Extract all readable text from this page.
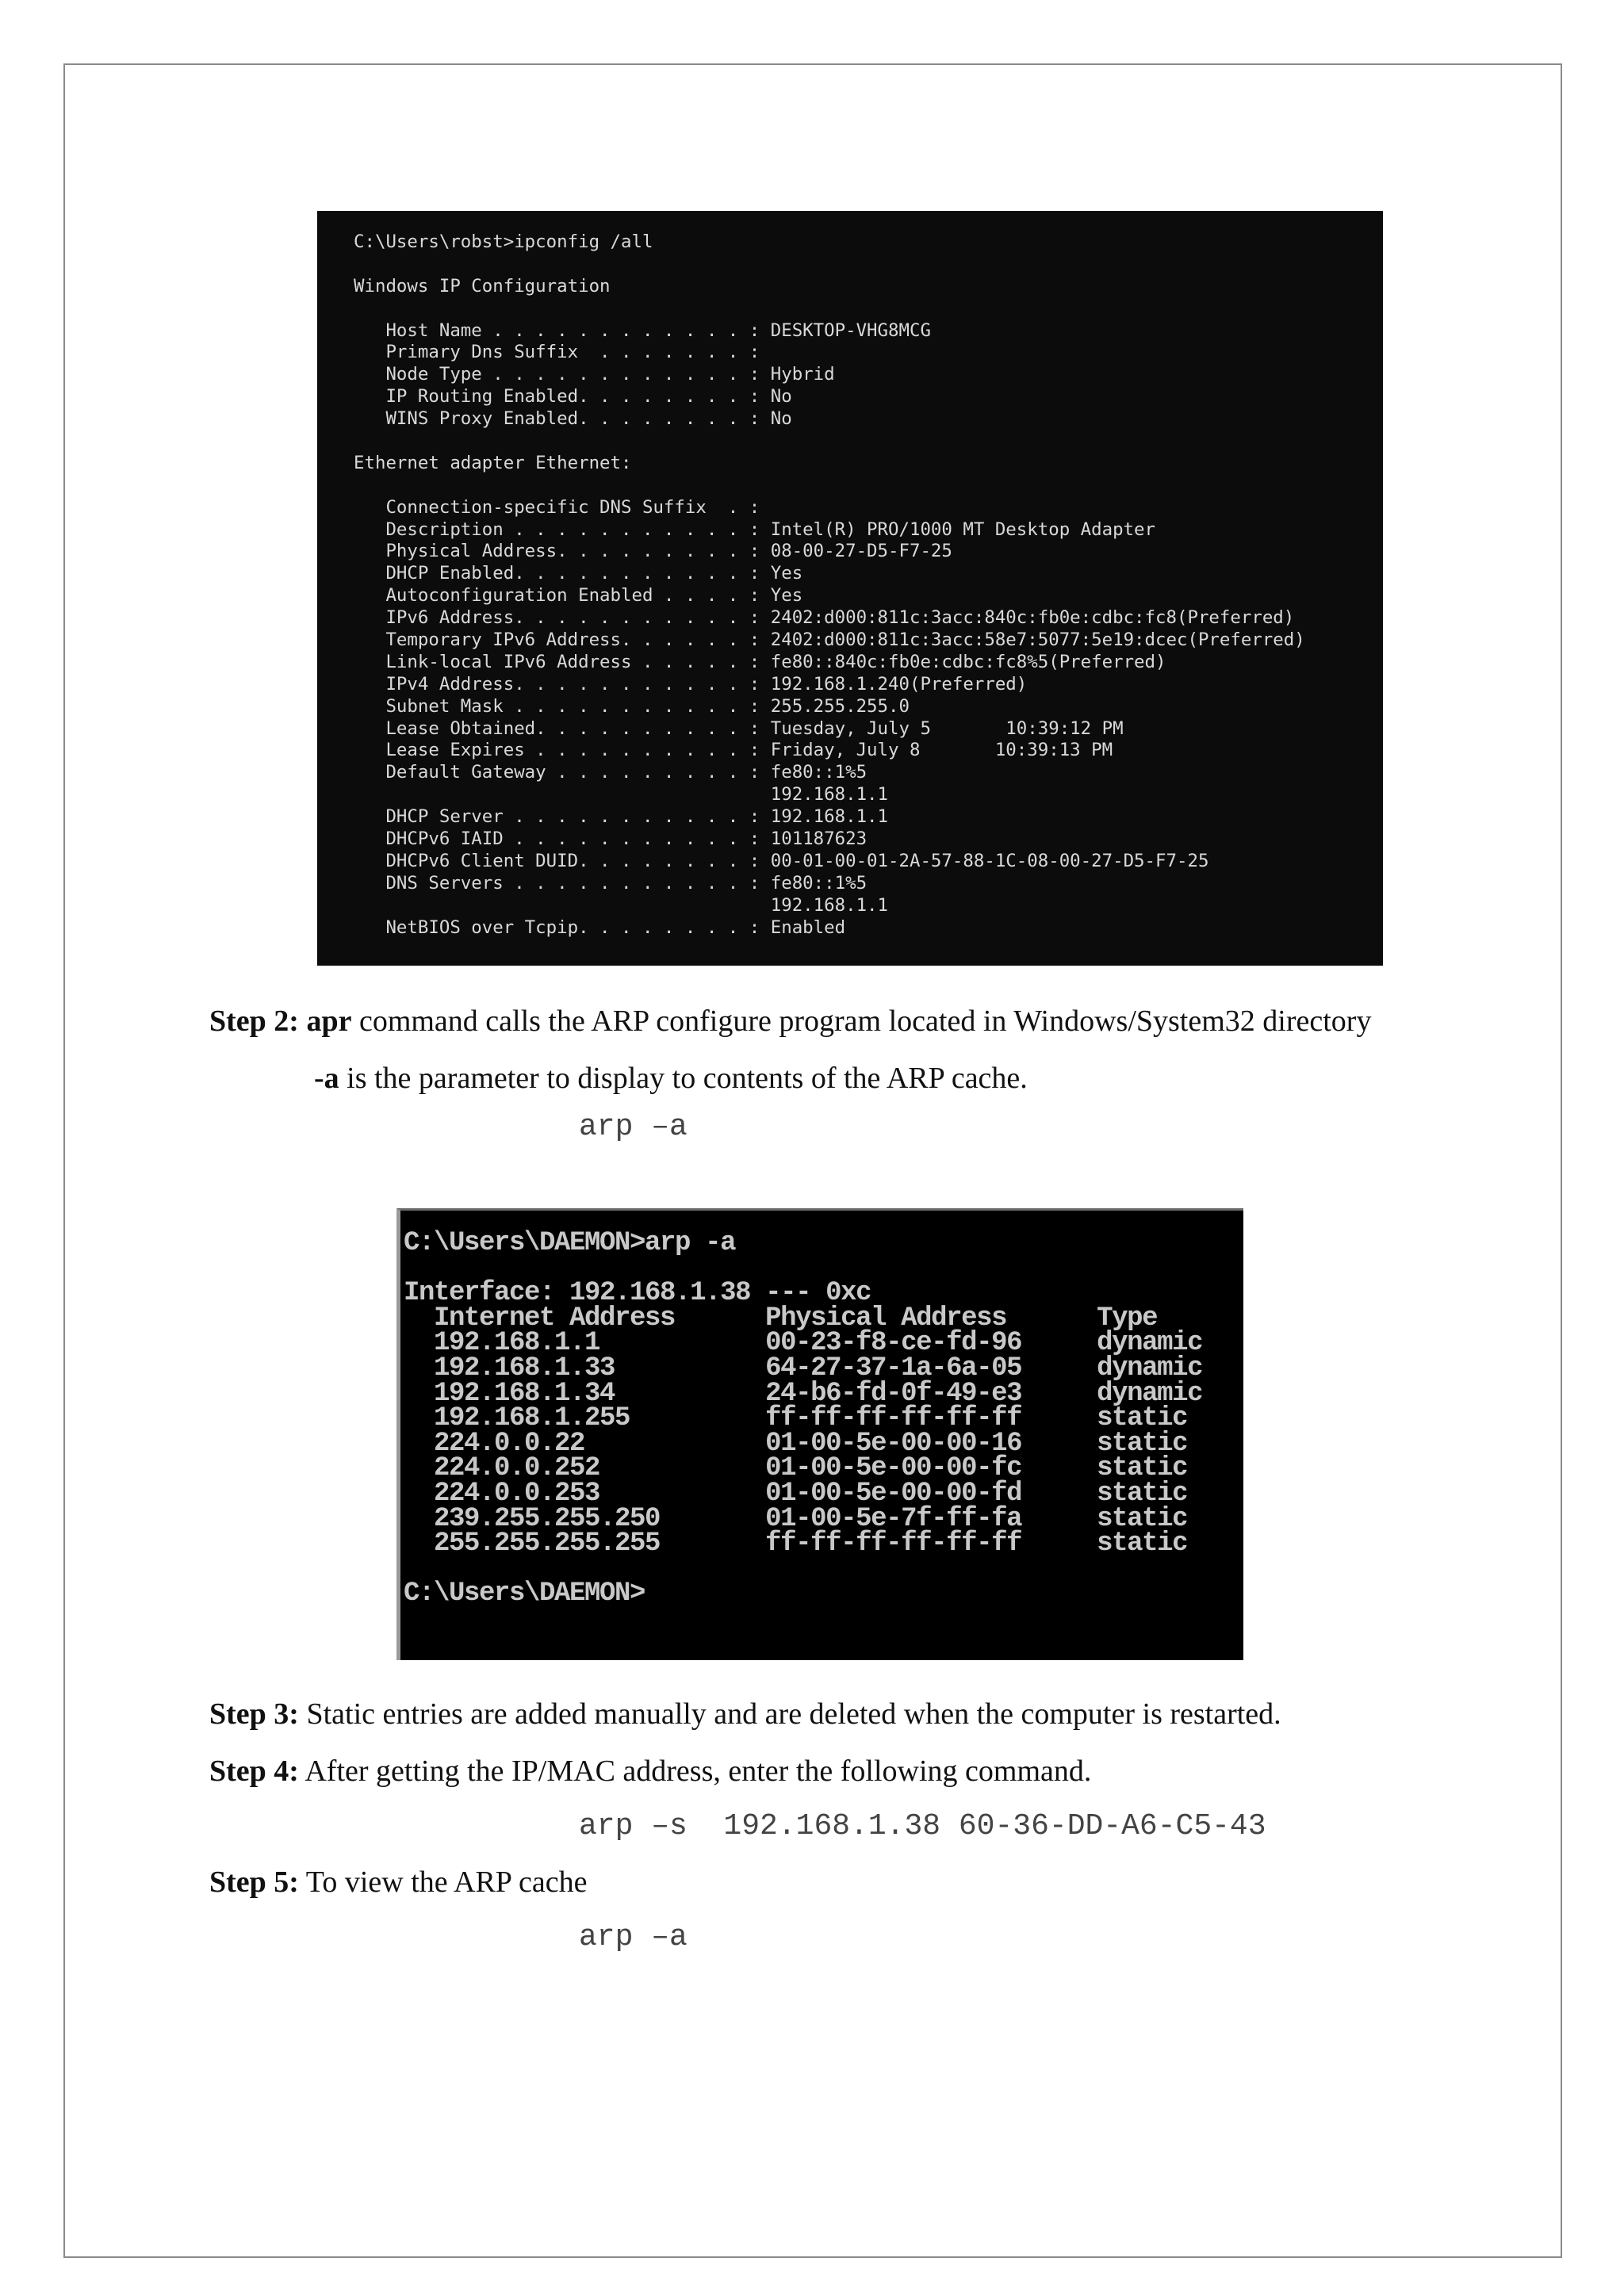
C:\Users\robst>ipconfig /all
Windows IP Configuration
Host Name . . . . . . . . . . . . : DESKTOP-VHG8MCG
Primary Dns Suffix  . . . . . . . :
Node Type . . . . . . . . . . . . : Hybrid
IP Routing Enabled. . . . . . . . : No
WINS Proxy Enabled. . . . . . . . : No
Ethernet adapter Ethernet:
Connection-specific DNS Suffix  . :
Description . . . . . . . . . . . : Intel(R) PRO/1000 MT Desktop Adapter
Physical Address. . . . . . . . . : 08-00-27-D5-F7-25
DHCP Enabled. . . . . . . . . . . : Yes
Autoconfiguration Enabled . . . . : Yes
IPv6 Address. . . . . . . . . . . : 2402:d000:811c:3acc:840c:fb0e:cdbc:fc8(Preferred)
Temporary IPv6 Address. . . . . . : 2402:d000:811c:3acc:58e7:5077:5e19:dcec(Preferred)
Link-local IPv6 Address . . . . . : fe80::840c:fb0e:cdbc:fc8%5(Preferred)
IPv4 Address. . . . . . . . . . . : 192.168.1.240(Preferred)
Subnet Mask . . . . . . . . . . . : 255.255.255.0
Lease Obtained. . . . . . . . . . : Tuesday, July 5       10:39:12 PM
Lease Expires . . . . . . . . . . : Friday, July 8       10:39:13 PM
Default Gateway . . . . . . . . . : fe80::1%5
192.168.1.1
DHCP Server . . . . . . . . . . . : 192.168.1.1
DHCPv6 IAID . . . . . . . . . . . : 101187623
DHCPv6 Client DUID. . . . . . . . : 00-01-00-01-2A-57-88-1C-08-00-27-D5-F7-25
DNS Servers . . . . . . . . . . . : fe80::1%5
192.168.1.1
NetBIOS over Tcpip. . . . . . . . : Enabled
Step 2: apr command calls the ARP configure program located in Windows/System32 directory
-a is the parameter to display to contents of the ARP cache.
arp –a
C:\Users\DAEMON>arp -a
Interface: 192.168.1.38 --- 0xc
Internet Address      Physical Address      Type
192.168.1.1           00-23-f8-ce-fd-96     dynamic
192.168.1.33          64-27-37-1a-6a-05     dynamic
192.168.1.34          24-b6-fd-0f-49-e3     dynamic
192.168.1.255         ff-ff-ff-ff-ff-ff     static
224.0.0.22            01-00-5e-00-00-16     static
224.0.0.252           01-00-5e-00-00-fc     static
224.0.0.253           01-00-5e-00-00-fd     static
239.255.255.250       01-00-5e-7f-ff-fa     static
255.255.255.255       ff-ff-ff-ff-ff-ff     static
C:\Users\DAEMON>
Step 3: Static entries are added manually and are deleted when the computer is restarted.
Step 4: After getting the IP/MAC address, enter the following command.
arp –s  192.168.1.38 60-36-DD-A6-C5-43
Step 5: To view the ARP cache
arp –a
